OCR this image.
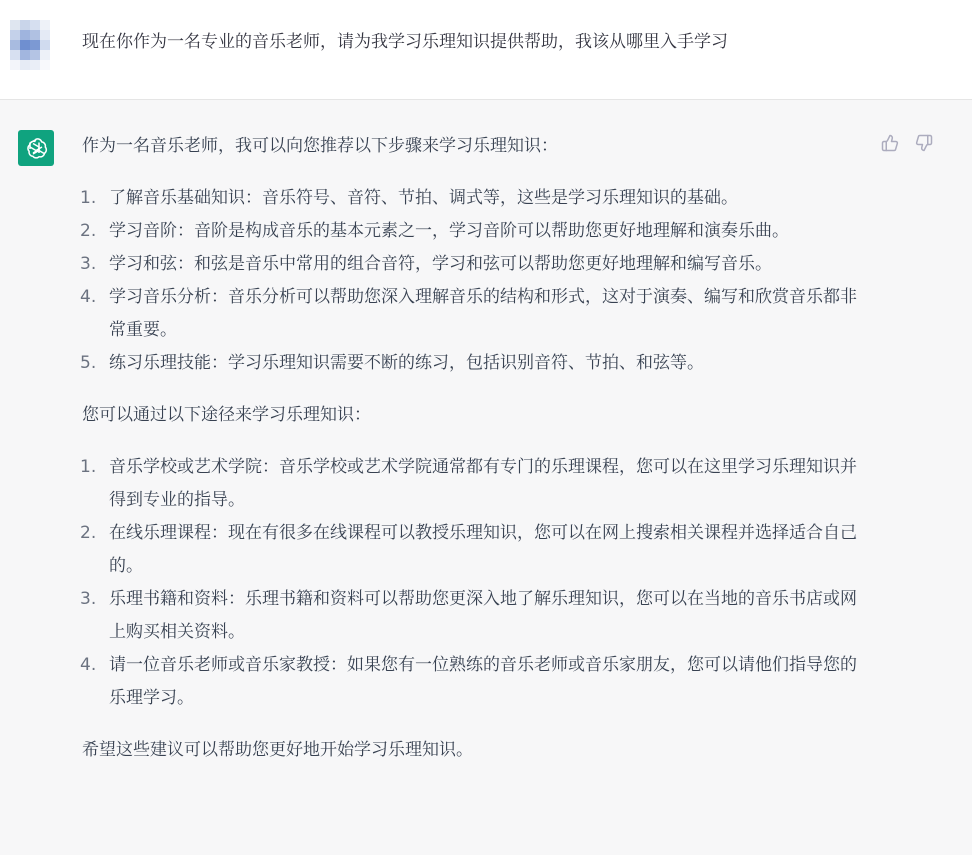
现在你作为一名专业的音乐老师，请为我学习乐理知识提供帮助，我该从哪里入手学习

作为一名音乐老师，我可以向您推荐以下步骤来学习乐理知识：

1. 了解音乐基础知识：音乐符号、音符、节拍、调式等，这些是学习乐理知识的基础。
2. 学习音阶：音阶是构成音乐的基本元素之一，学习音阶可以帮助您更好地理解和演奏乐曲。
3. 学习和弦：和弦是音乐中常用的组合音符，学习和弦可以帮助您更好地理解和编写音乐。
4. 学习音乐分析：音乐分析可以帮助您深入理解音乐的结构和形式，这对于演奏、编写和欣赏音乐都非常重要。
5. 练习乐理技能：学习乐理知识需要不断的练习，包括识别音符、节拍、和弦等。

您可以通过以下途径来学习乐理知识：

1. 音乐学校或艺术学院：音乐学校或艺术学院通常都有专门的乐理课程，您可以在这里学习乐理知识并得到专业的指导。
2. 在线乐理课程：现在有很多在线课程可以教授乐理知识，您可以在网上搜索相关课程并选择适合自己的。
3. 乐理书籍和资料：乐理书籍和资料可以帮助您更深入地了解乐理知识，您可以在当地的音乐书店或网上购买相关资料。
4. 请一位音乐老师或音乐家教授：如果您有一位熟练的音乐老师或音乐家朋友，您可以请他们指导您的乐理学习。

希望这些建议可以帮助您更好地开始学习乐理知识。
